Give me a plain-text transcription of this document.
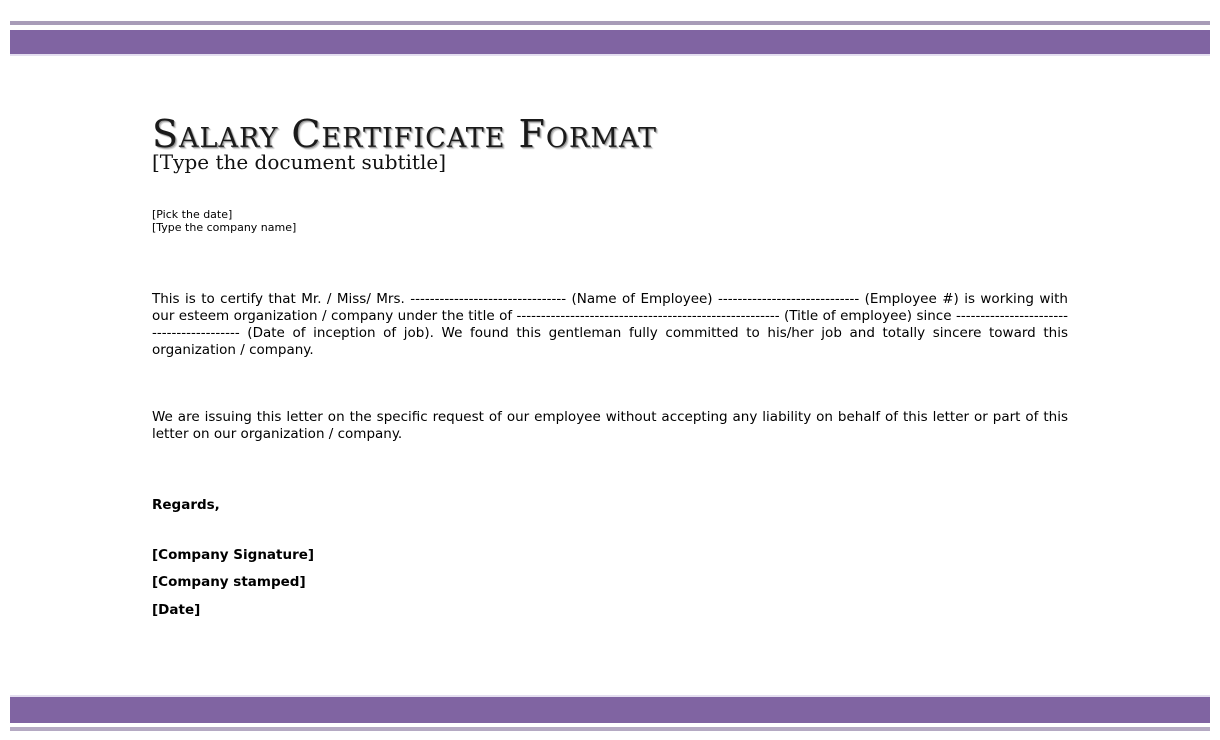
Salary Certificate Format
[Type the document subtitle]
[Pick the date]
[Type the company name]

This is to certify that Mr. / Miss/ Mrs. -------------------------------- (Name of Employee) ----------------------------- (Employee #) is working with our esteem organization / company under the title of ------------------------------------------------------ (Title of employee) since ----------------------------------------- (Date of inception of job). We found this gentleman fully committed to his/her job and totally sincere toward this organization / company.

We are issuing this letter on the specific request of our employee without accepting any liability on behalf of this letter or part of this letter on our organization / company.

Regards,
[Company Signature]
[Company stamped]
[Date]
